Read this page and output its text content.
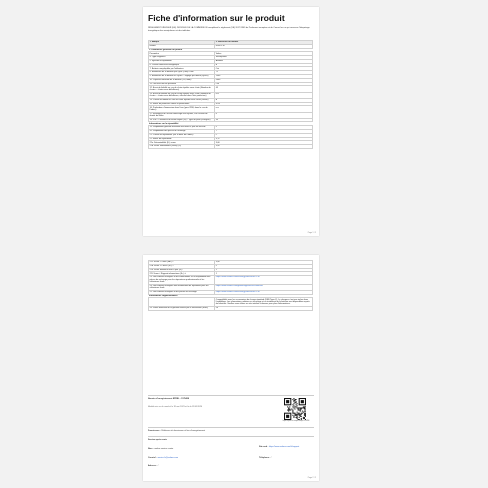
Fiche d'information sur le produit
RÈGLEMENT DÉLÉGUÉ (UE) 2023/1669 DE LA COMMISSION complétant le règlement (UE) 2017/1369 du Parlement européen et du Conseil en ce qui concerne l'étiquetage énergétique des smartphones et des tablettes
1. Marque	2. Référence du modèle
realme	RMX3710
3. Paramètres généraux du produit	
Paramètre	Valeur
4. Type d'appareil	Smartphone
5. Système d'exploitation	Android
6. Classe d'efficacité énergétique	B
7. Batterie remplaçable par l'utilisateur	Oui
8. Endurance de la batterie par cycle (OEb) h min	71
9. Endurance de la batterie en cycles – réglage par défaut (cycles)	1300
10. Capacité nominale de la batterie (Cn, mAh)	5000
11. Les tests ont été prévision	Oui
12. Essai de fiabilité en cas de chute répétée sans chute (Nombre de chutes – chutes sans défaillance)	45
13. Essai de fiabilité en cas de chute répétée avec chute (Nombre de chutes – chutes sans défaillance, effectué dans l'étui protecteur)	n.a.
14. Classe de fiabilité en cas de chute répétée sans chute (classe)	B
15. Indice de protection contre la pénétration	IP54
16. Profondeur d'immersion dans l'eau (pour IP68, dans le cas de l'indice)	n.a.
17. Résistance de l'écran d'affichage aux rayures, sur l'échelle de dureté de Mohs	6
18. Prix – Puissance de sortie moyen (W) – Type de prise (chargeur)	33
Informations sur la réparabilité	
19. Disponibilité garantie minimale des mises à jour de sécurité	5
20. Disponibilité des pièces de rechange	7
21. Classe de réparabilité (sur la base de l'indice)	C
22. Indice de réparabilité	3,17
22a. Démontabilité (Dₐ) score	3,00
22b. Score informations (Ssim) (Sₐ)	3,00
Page 1 / 2
22c. Score « Outils (Sₘₐ) »	3,00
22d. Score « Pièces (Sᵢₚ) »	5
22e. Score meilleure mise à jour (Sᵤ)	1
22f. Score « Rapport informations (Sₑₚ) »	1
23. Lien internet renvoyant à des informations sur la disponibilité des pièces de rechange pour les réparateurs professionnels et les utilisateurs finals	https://www.realme.com/fr/energy-label/RMX3710
24. Lien internet renvoyant aux informations de réparation pour les utilisateurs finals	https://www.realme.com/global/support/user-manuals
25. Lien internet renvoyant à des pièces de rechange	https://www.realme.com/fr/energy-label/RMX3710
Informations supplémentaires	
	Compatibilité avec les accessoires de charge standard (USB Type-C). Le chargeur n'est pas inclus dans l'emballage. Les informations relatives au recyclage et au traitement de la batterie sont disponibles auprès du fabricant. Veuillez vous référer au site internet ci-dessus pour plus d'informations.
26. Durée minimale de la garantie offerte par le fournisseur (mois)	24
Numéro d'enregistrement EPREL : 1575458
Modèle mis sur le marché le 18 mai 2023 et fin le 31/05/2026
https://eprel.ec.europa.eu/qr/1575458
Fournisseur : Référence du fournisseur et lieu d'enregistrement
Service après-vente
Nom : realme service center
Site web : https://www.realme.com/fr/support
Courriel : service.fr@realme.com	Téléphone : /
Adresse : /
Page 2 / 2
